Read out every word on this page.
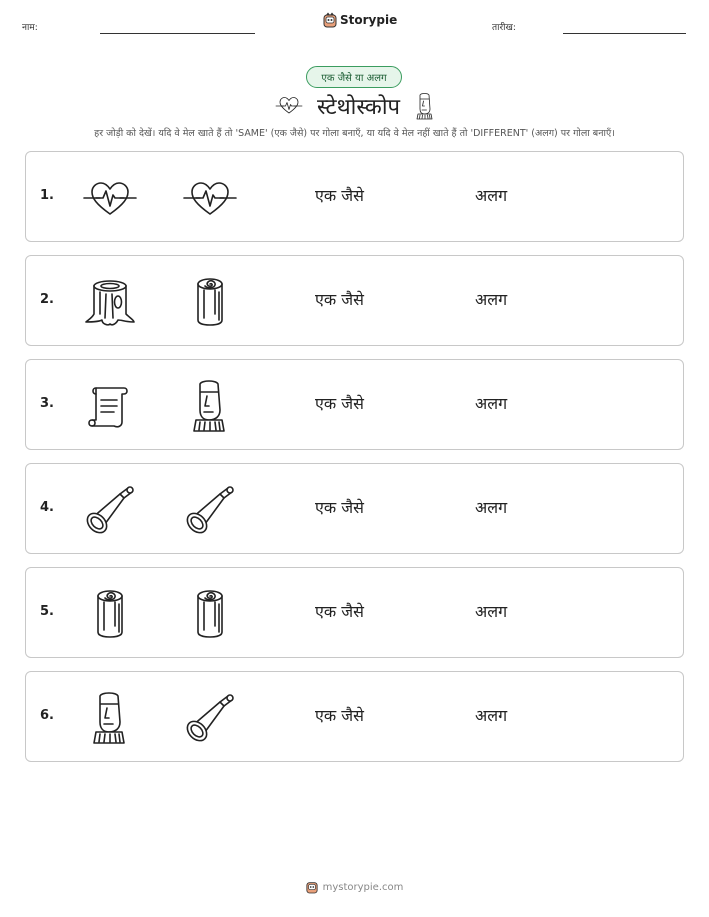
नाम:
Storypie
तारीख:
एक जैसे या अलग
स्टेथोस्कोप
हर जोड़ी को देखें। यदि वे मेल खाते हैं तो 'SAME' (एक जैसे) पर गोला बनाएँ, या यदि वे मेल नहीं खाते हैं तो 'DIFFERENT' (अलग) पर गोला बनाएँ।
1.	एक जैसे	अलग
2.	एक जैसे	अलग
3.	एक जैसे	अलग
4.	एक जैसे	अलग
5.	एक जैसे	अलग
6.	एक जैसे	अलग
mystorypie.com
